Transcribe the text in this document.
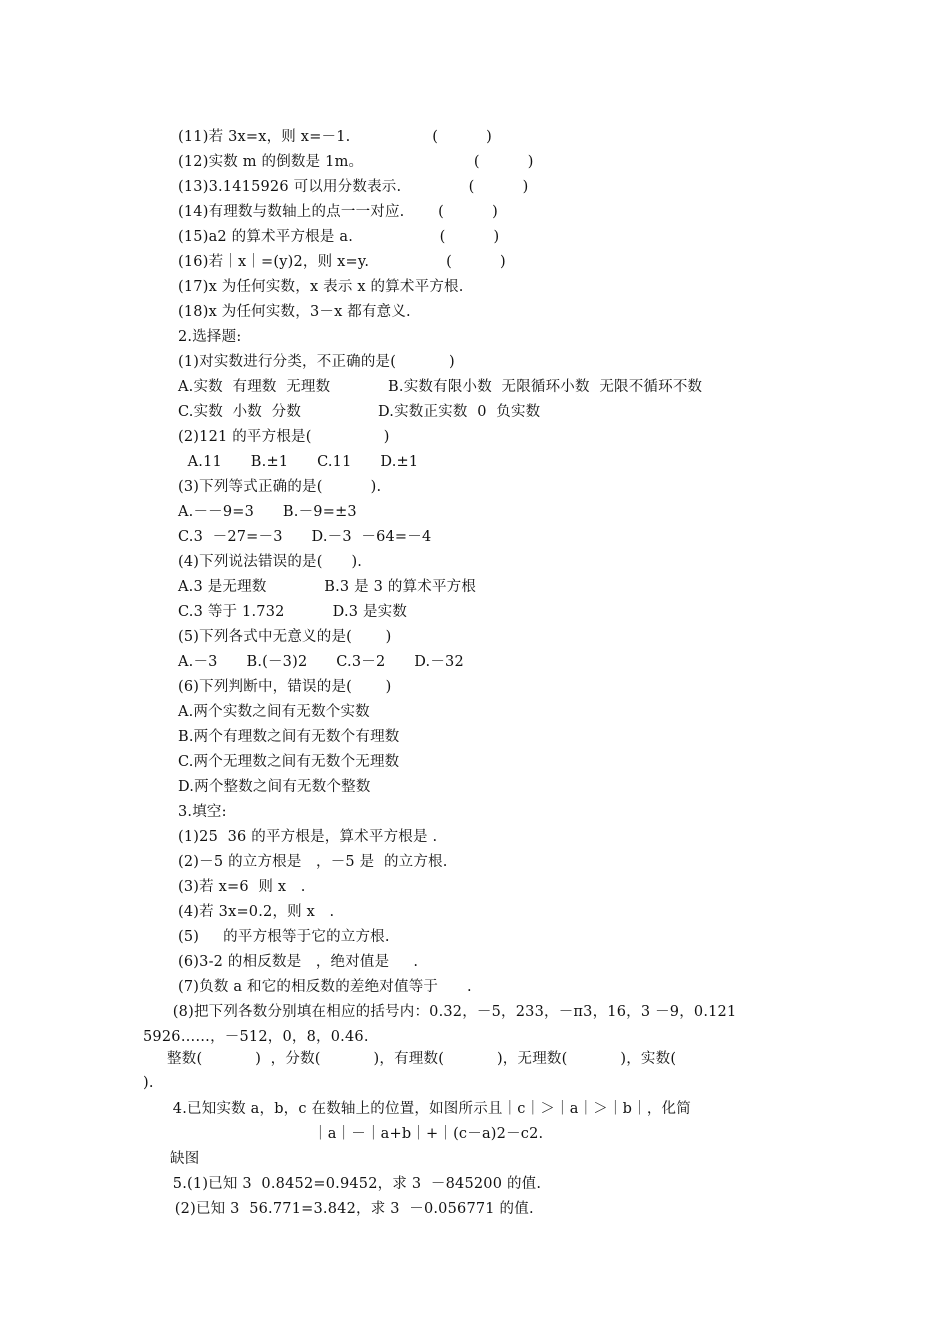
(11)若 3x=x，则 x=－1.                 (          )
(12)实数 m 的倒数是 1m。                       (          )
(13)3.1415926 可以用分数表示.              (          )
(14)有理数与数轴上的点一一对应.       (          )
(15)a2 的算术平方根是 a.                  (          )
(16)若｜x｜=(y)2，则 x=y.                (          )
(17)x 为任何实数，x 表示 x 的算术平方根.
(18)x 为任何实数，3－x 都有意义.
2.选择题:
(1)对实数进行分类，不正确的是(           )
A.实数  有理数  无理数            B.实数有限小数  无限循环小数  无限不循环不数
C.实数  小数  分数                D.实数正实数  0  负实数
(2)121 的平方根是(               )
A.11      B.±1      C.11      D.±1
(3)下列等式正确的是(          ).
A.－－9=3      B.－9=±3
C.3  －27=－3      D.－3  －64=－4
(4)下列说法错误的是(      ).
A.3 是无理数            B.3 是 3 的算术平方根
C.3 等于 1.732          D.3 是实数
(5)下列各式中无意义的是(       )
A.－3      B.(－3)2      C.3－2      D.－32
(6)下列判断中，错误的是(       )
A.两个实数之间有无数个实数
B.两个有理数之间有无数个有理数
C.两个无理数之间有无数个无理数
D.两个整数之间有无数个整数
3.填空:
(1)25  36 的平方根是，算术平方根是 .
(2)－5 的立方根是   ，－5 是  的立方根.
(3)若 x=6  则 x   .
(4)若 3x=0.2，则 x   .
(5)     的平方根等于它的立方根.
(6)3-2 的相反数是   ，绝对值是     .
(7)负数 a 和它的相反数的差绝对值等于      .
(8)把下列各数分别填在相应的括号内：0.32，－5，233，－π3，16，3 －9，0.121
5926……，－512，0，8，0.46.
整数(           )  ，分数(           )，有理数(           )，无理数(           )，实数(
).
4.已知实数 a，b，c 在数轴上的位置，如图所示且｜c｜＞｜a｜＞｜b｜，化简
｜a｜－｜a+b｜+｜(c－a)2－c2.
缺图
5.(1)已知 3  0.8452=0.9452，求 3  －845200 的值.
(2)已知 3  56.771=3.842，求 3  －0.056771 的值.
